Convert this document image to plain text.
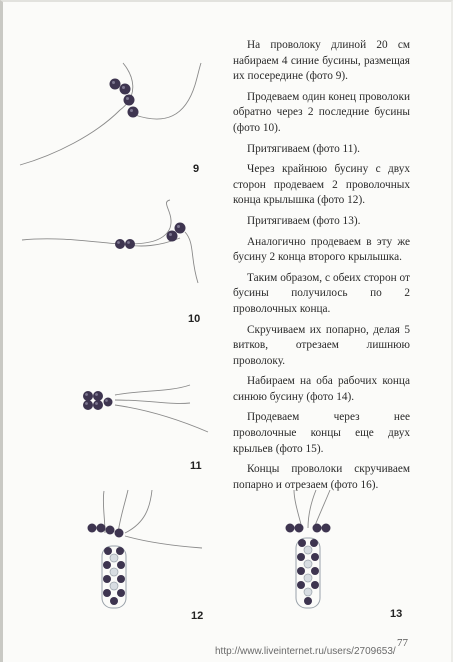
На проволоку длиной 20 см набираем 4 синие бусины, размещая их посередине (фото 9).

Продеваем один конец проволоки обратно через 2 последние бусины (фото 10).

Притягиваем (фото 11).

Через крайнюю бусину с двух сторон продеваем 2 проволочных конца крылышка (фото 12).

Притягиваем (фото 13).

Аналогично продеваем в эту же бусину 2 конца второго крылышка.

Таким образом, с обеих сторон от бусины получилось по 2 проволочных конца.

Скручиваем их попарно, делая 5 витков, отрезаем лишнюю проволоку.

Набираем на оба рабочих конца синюю бусину (фото 14).

Продеваем через нее проволочные концы еще двух крыльев (фото 15).

Концы проволоки скручиваем попарно и отрезаем (фото 16).

9
10
11
12	13
77
http://www.liveinternet.ru/users/2709653/
